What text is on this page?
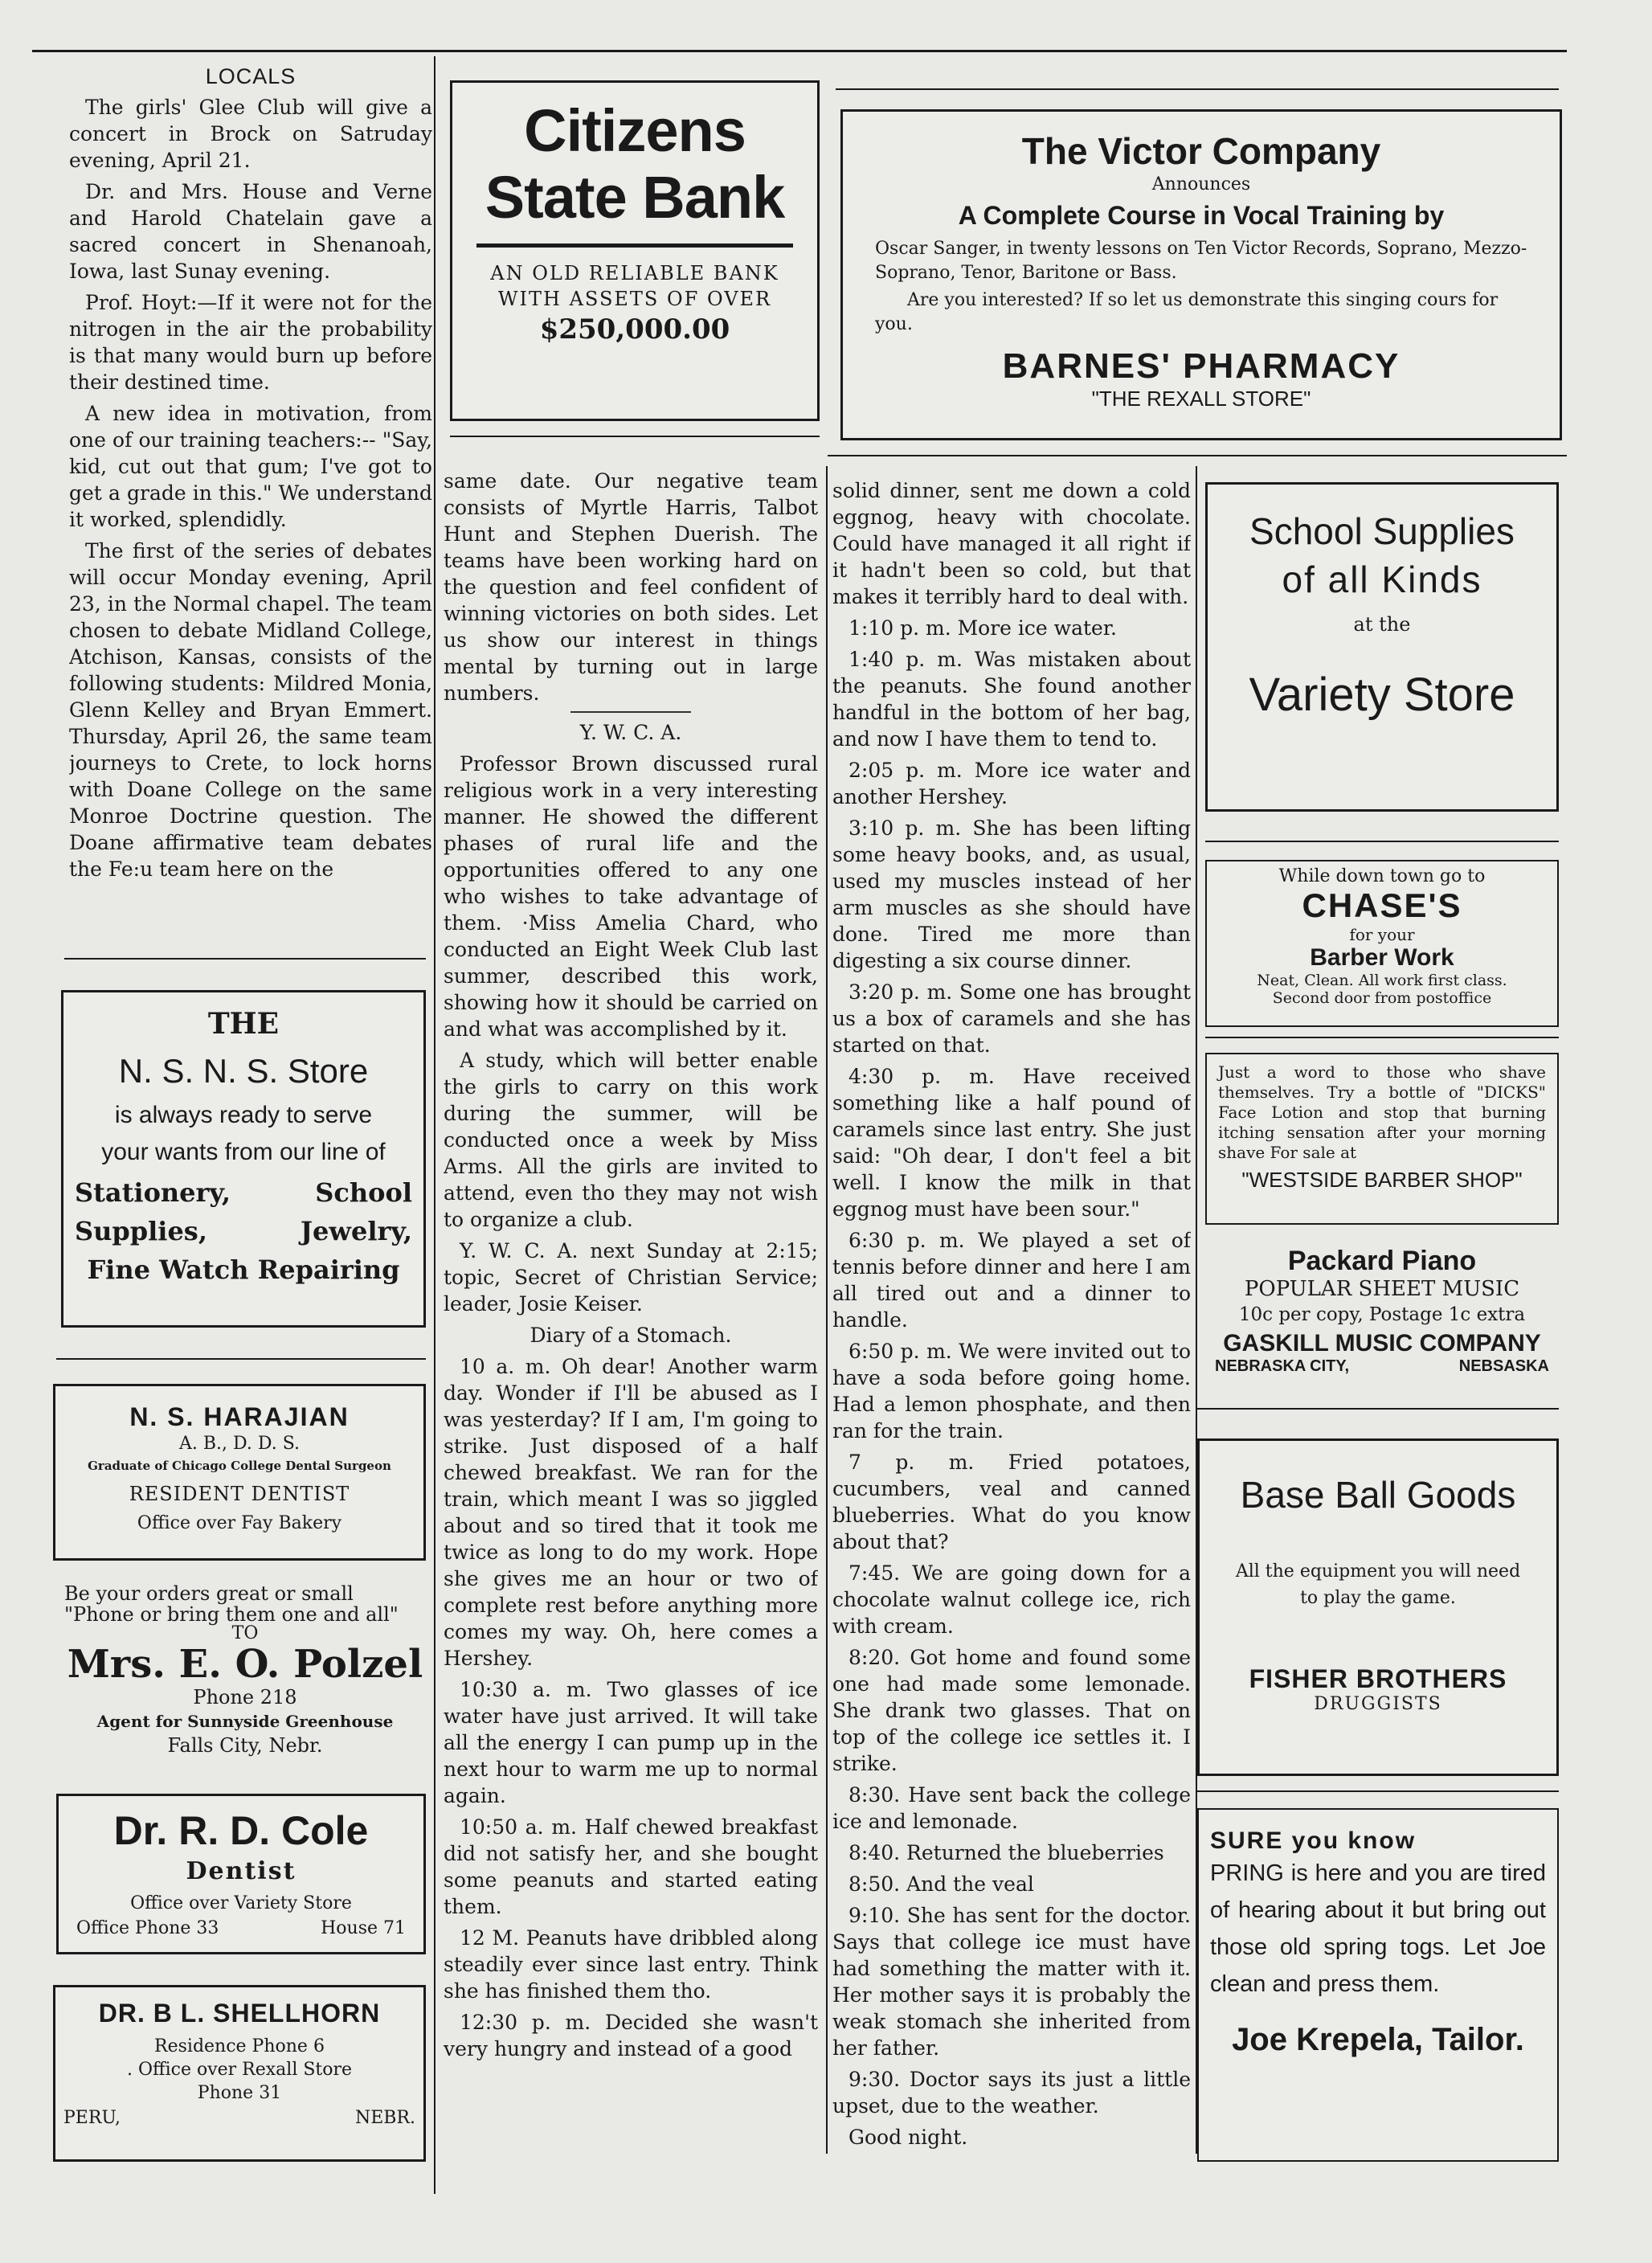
LOCALS

The girls' Glee Club will give a concert in Brock on Satruday evening, April 21.

Dr. and Mrs. House and Verne and Harold Chatelain gave a sacred concert in Shenanoah, Iowa, last Sunay evening.

Prof. Hoyt:—If it were not for the nitrogen in the air the probability is that many would burn up before their destined time.

A new idea in motivation, from one of our training teachers:-- "Say, kid, cut out that gum; I've got to get a grade in this." We understand it worked, splendidly.

The first of the series of debates will occur Monday evening, April 23, in the Normal chapel. The team chosen to debate Midland College, Atchison, Kansas, consists of the following students: Mildred Monia, Glenn Kelley and Bryan Emmert. Thursday, April 26, the same team journeys to Crete, to lock horns with Doane College on the same Monroe Doctrine question. The Doane affirmative team debates the Fe:u team here on the

THE
N. S. N. S. Store
is always ready to serve
your wants from our line of
Stationery,	School
Supplies,	Jewelry,
Fine Watch Repairing
N. S. HARAJIAN
A. B., D. D. S.
Graduate of Chicago College Dental Surgeon
RESIDENT DENTIST
Office over Fay Bakery
Be your orders great or small
"Phone or bring them one and all"
TO
Mrs. E. O. Polzel
Phone 218
Agent for Sunnyside Greenhouse
Falls City, Nebr.
Dr. R. D. Cole
Dentist
Office over Variety Store
Office Phone 33	House 71
DR. B L. SHELLHORN
Residence Phone 6
. Office over Rexall Store
Phone 31
PERU,	NEBR.
Citizens
State Bank
AN OLD RELIABLE BANK
WITH ASSETS OF OVER
$250,000.00

same date. Our negative team consists of Myrtle Harris, Talbot Hunt and Stephen Duerish. The teams have been working hard on the question and feel confident of winning victories on both sides. Let us show our interest in things mental by turning out in large numbers.

Y. W. C. A.

Professor Brown discussed rural religious work in a very interesting manner. He showed the different phases of rural life and the opportunities offered to any one who wishes to take advantage of them. ·Miss Amelia Chard, who conducted an Eight Week Club last summer, described this work, showing how it should be carried on and what was accomplished by it.

A study, which will better enable the girls to carry on this work during the summer, will be conducted once a week by Miss Arms. All the girls are invited to attend, even tho they may not wish to organize a club.

Y. W. C. A. next Sunday at 2:15; topic, Secret of Christian Service; leader, Josie Keiser.

Diary of a Stomach.

10 a. m. Oh dear! Another warm day. Wonder if I'll be abused as I was yesterday? If I am, I'm going to strike. Just disposed of a half chewed breakfast. We ran for the train, which meant I was so jiggled about and so tired that it took me twice as long to do my work. Hope she gives me an hour or two of complete rest before anything more comes my way. Oh, here comes a Hershey.

10:30 a. m. Two glasses of ice water have just arrived. It will take all the energy I can pump up in the next hour to warm me up to normal again.

10:50 a. m. Half chewed breakfast did not satisfy her, and she bought some peanuts and started eating them.

12 M. Peanuts have dribbled along steadily ever since last entry. Think she has finished them tho.

12:30 p. m. Decided she wasn't very hungry and instead of a good

The Victor Company
Announces
A Complete Course in Vocal Training by
Oscar Sanger, in twenty lessons on Ten Victor Records, Soprano, Mezzo-Soprano, Tenor, Baritone or Bass.
Are you interested? If so let us demonstrate this singing cours for you.
BARNES' PHARMACY
"THE REXALL STORE"

solid dinner, sent me down a cold eggnog, heavy with chocolate. Could have managed it all right if it hadn't been so cold, but that makes it terribly hard to deal with.

1:10 p. m. More ice water.

1:40 p. m. Was mistaken about the peanuts. She found another handful in the bottom of her bag, and now I have them to tend to.

2:05 p. m. More ice water and another Hershey.

3:10 p. m. She has been lifting some heavy books, and, as usual, used my muscles instead of her arm muscles as she should have done. Tired me more than digesting a six course dinner.

3:20 p. m. Some one has brought us a box of caramels and she has started on that.

4:30 p. m. Have received something like a half pound of caramels since last entry. She just said: "Oh dear, I don't feel a bit well. I know the milk in that eggnog must have been sour."

6:30 p. m. We played a set of tennis before dinner and here I am all tired out and a dinner to handle.

6:50 p. m. We were invited out to have a soda before going home. Had a lemon phosphate, and then ran for the train.

7 p. m. Fried potatoes, cucumbers, veal and canned blueberries. What do you know about that?

7:45. We are going down for a chocolate walnut college ice, rich with cream.

8:20. Got home and found some one had made some lemonade. She drank two glasses. That on top of the college ice settles it. I strike.

8:30. Have sent back the college ice and lemonade.

8:40. Returned the blueberries

8:50. And the veal

9:10. She has sent for the doctor. Says that college ice must have had something the matter with it. Her mother says it is probably the weak stomach she inherited from her father.

9:30. Doctor says its just a little upset, due to the weather.

Good night.

School Supplies
of all Kinds
at the
Variety Store
While down town go to
CHASE'S
for your
Barber Work
Neat, Clean. All work first class.
Second door from postoffice
Just a word to those who shave themselves. Try a bottle of "DICKS" Face Lotion and stop that burning itching sensation after your morning shave For sale at
"WESTSIDE BARBER SHOP"
Packard Piano
POPULAR SHEET MUSIC
10c per copy, Postage 1c extra
GASKILL MUSIC COMPANY
NEBRASKA CITY,	NEBSASKA
Base Ball Goods
All the equipment you will need
to play the game.
FISHER BROTHERS
DRUGGISTS
SURE you know
PRING is here and you are tired of hearing about it but bring out those old spring togs. Let Joe clean and press them.
Joe Krepela, Tailor.
